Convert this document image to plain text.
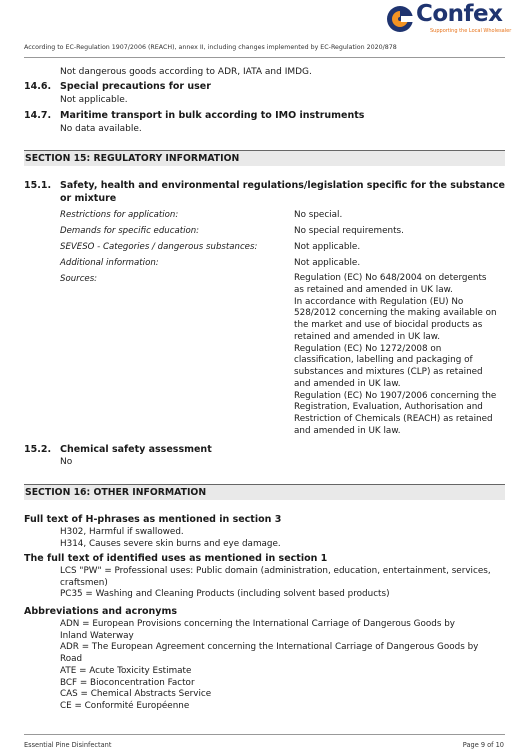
Confex
Supporting the Local Wholesaler
According to EC-Regulation 1907/2006 (REACH), annex II, including changes implemented by EC-Regulation 2020/878
Not dangerous goods according to ADR, IATA and IMDG.
14.6. Special precautions for user
Not applicable.
14.7. Maritime transport in bulk according to IMO instruments
No data available.
SECTION 15: REGULATORY INFORMATION
15.1. Safety, health and environmental regulations/legislation specific for the substance
or mixture
Restrictions for application:	No special.
Demands for specific education:	No special requirements.
SEVESO - Categories / dangerous substances:	Not applicable.
Additional information:	Not applicable.
Sources:	Regulation (EC) No 648/2004 on detergents
as retained and amended in UK law.
In accordance with Regulation (EU) No
528/2012 concerning the making available on
the market and use of biocidal products as
retained and amended in UK law.
Regulation (EC) No 1272/2008 on
classification, labelling and packaging of
substances and mixtures (CLP) as retained
and amended in UK law.
Regulation (EC) No 1907/2006 concerning the
Registration, Evaluation, Authorisation and
Restriction of Chemicals (REACH) as retained
and amended in UK law.
15.2. Chemical safety assessment
No
SECTION 16: OTHER INFORMATION
Full text of H-phrases as mentioned in section 3
H302, Harmful if swallowed.
H314, Causes severe skin burns and eye damage.
The full text of identified uses as mentioned in section 1
LCS "PW" = Professional uses: Public domain (administration, education, entertainment, services,
craftsmen)
PC35 = Washing and Cleaning Products (including solvent based products)
Abbreviations and acronyms
ADN = European Provisions concerning the International Carriage of Dangerous Goods by
Inland Waterway
ADR = The European Agreement concerning the International Carriage of Dangerous Goods by
Road
ATE = Acute Toxicity Estimate
BCF = Bioconcentration Factor
CAS = Chemical Abstracts Service
CE = Conformité Européenne
Essential Pine Disinfectant	Page 9 of 10
